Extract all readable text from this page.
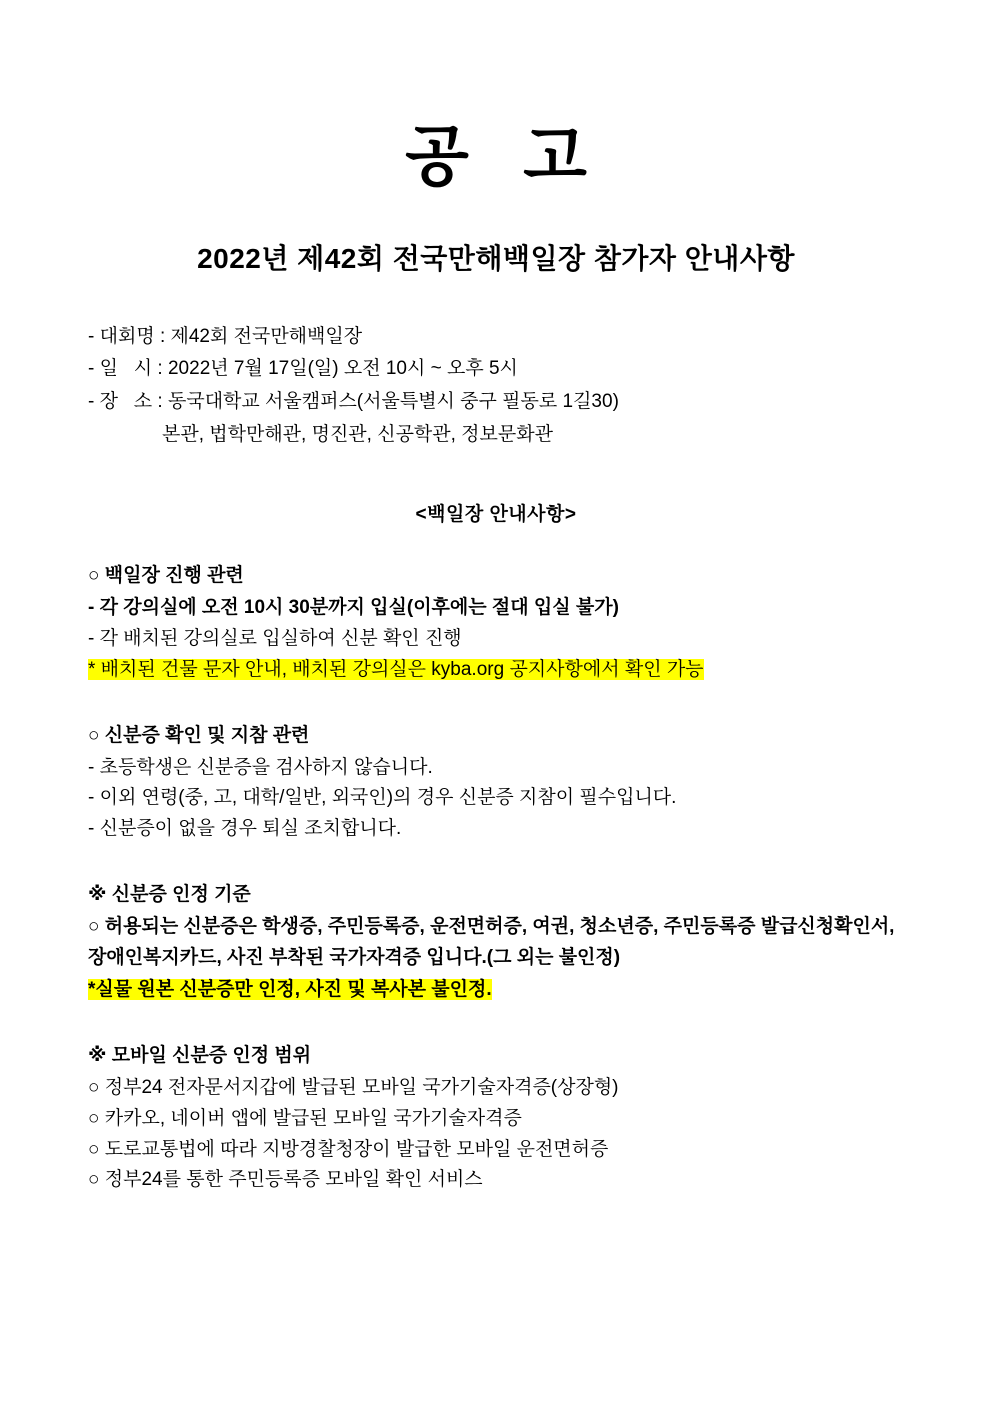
공 고
2022년 제42회 전국만해백일장 참가자 안내사항
- 대회명 : 제42회 전국만해백일장
- 일   시 : 2022년 7월 17일(일) 오전 10시 ~ 오후 5시
- 장   소 : 동국대학교 서울캠퍼스(서울특별시 중구 필동로 1길30)
본관, 법학만해관, 명진관, 신공학관, 정보문화관
<백일장 안내사항>
○ 백일장 진행 관련
- 각 강의실에 오전 10시 30분까지 입실(이후에는 절대 입실 불가)
- 각 배치된 강의실로 입실하여 신분 확인 진행
* 배치된 건물 문자 안내, 배치된 강의실은 kyba.org 공지사항에서 확인 가능
○ 신분증 확인 및 지참 관련
- 초등학생은 신분증을 검사하지 않습니다.
- 이외 연령(중, 고, 대학/일반, 외국인)의 경우 신분증 지참이 필수입니다.
- 신분증이 없을 경우 퇴실 조치합니다.
※ 신분증 인정 기준
○ 허용되는 신분증은 학생증, 주민등록증, 운전면허증, 여권, 청소년증, 주민등록증 발급신청확인서, 장애인복지카드, 사진 부착된 국가자격증 입니다.(그 외는 불인정)
*실물 원본 신분증만 인정, 사진 및 복사본 불인정.
※ 모바일 신분증 인정 범위
○ 정부24 전자문서지갑에 발급된 모바일 국가기술자격증(상장형)
○ 카카오, 네이버 앱에 발급된 모바일 국가기술자격증
○ 도로교통법에 따라 지방경찰청장이 발급한 모바일 운전면허증
○ 정부24를 통한 주민등록증 모바일 확인 서비스
